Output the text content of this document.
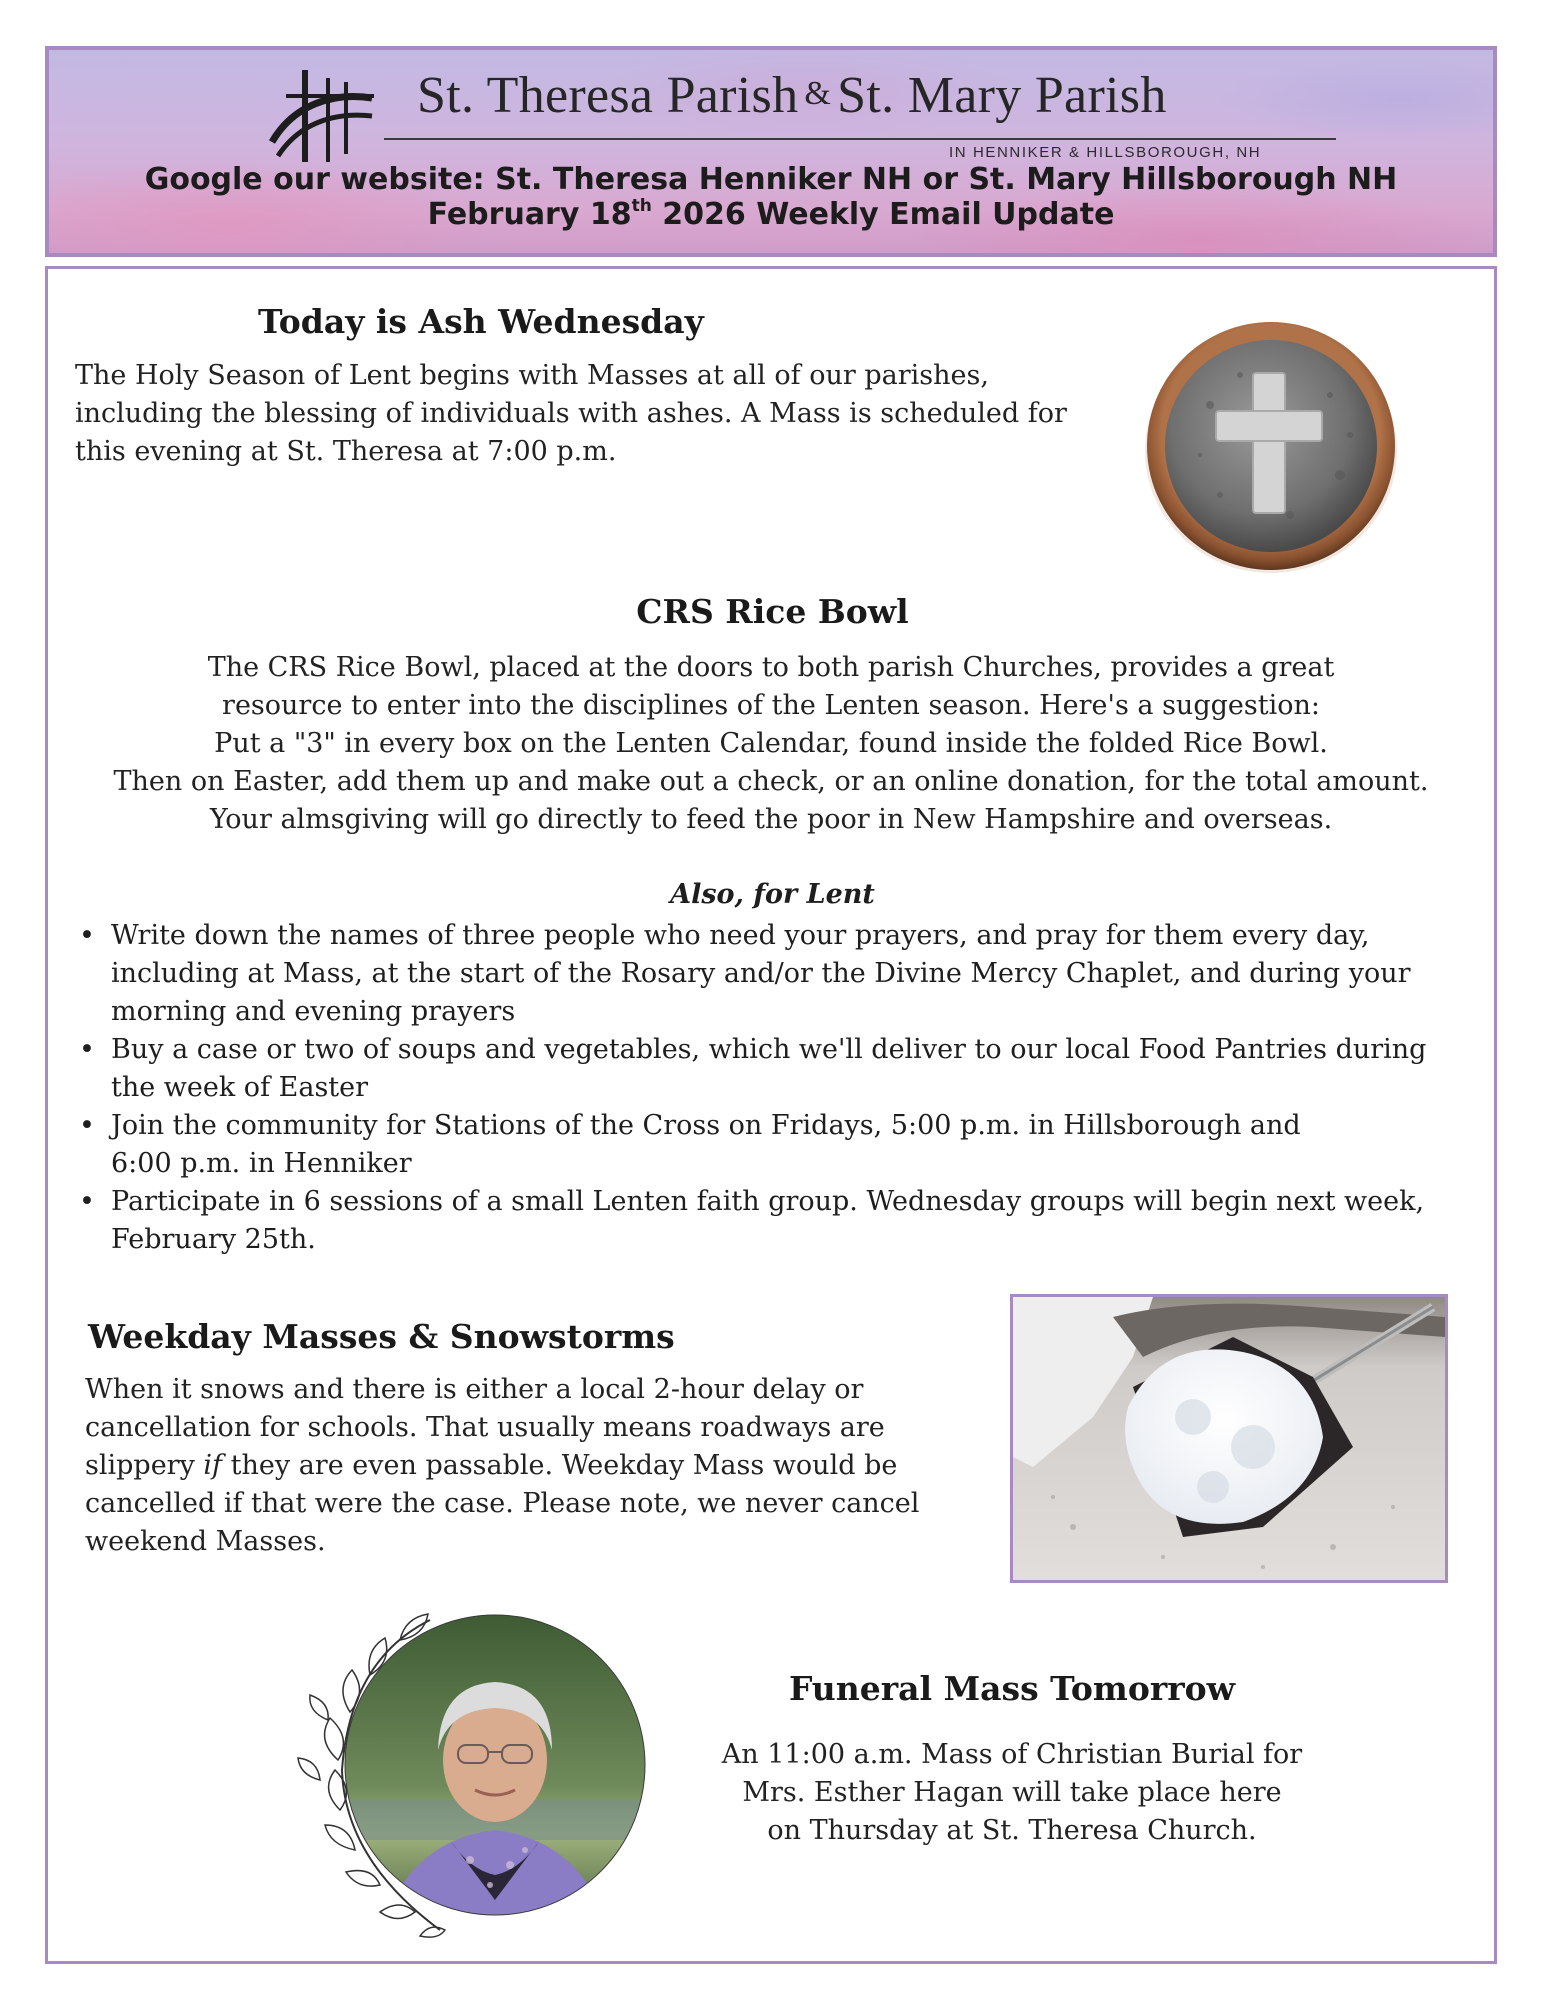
St. Theresa Parish & St. Mary Parish
IN HENNIKER & HILLSBOROUGH, NH
Google our website: St. Theresa Henniker NH or St. Mary Hillsborough NH
February 18th 2026 Weekly Email Update
Today is Ash Wednesday
The Holy Season of Lent begins with Masses at all of our parishes,
including the blessing of individuals with ashes. A Mass is scheduled for
this evening at St. Theresa at 7:00 p.m.
CRS Rice Bowl
The CRS Rice Bowl, placed at the doors to both parish Churches, provides a great
resource to enter into the disciplines of the Lenten season. Here's a suggestion:
Put a "3" in every box on the Lenten Calendar, found inside the folded Rice Bowl.
Then on Easter, add them up and make out a check, or an online donation, for the total amount.
Your almsgiving will go directly to feed the poor in New Hampshire and overseas.
Also, for Lent
• Write down the names of three people who need your prayers, and pray for them every day,
including at Mass, at the start of the Rosary and/or the Divine Mercy Chaplet, and during your
morning and evening prayers
• Buy a case or two of soups and vegetables, which we'll deliver to our local Food Pantries during
the week of Easter
• Join the community for Stations of the Cross on Fridays, 5:00 p.m. in Hillsborough and
6:00 p.m. in Henniker
• Participate in 6 sessions of a small Lenten faith group. Wednesday groups will begin next week,
February 25th.
Weekday Masses & Snowstorms
When it snows and there is either a local 2-hour delay or
cancellation for schools. That usually means roadways are
slippery if they are even passable. Weekday Mass would be
cancelled if that were the case. Please note, we never cancel
weekend Masses.
Funeral Mass Tomorrow
An 11:00 a.m. Mass of Christian Burial for
Mrs. Esther Hagan will take place here
on Thursday at St. Theresa Church.
